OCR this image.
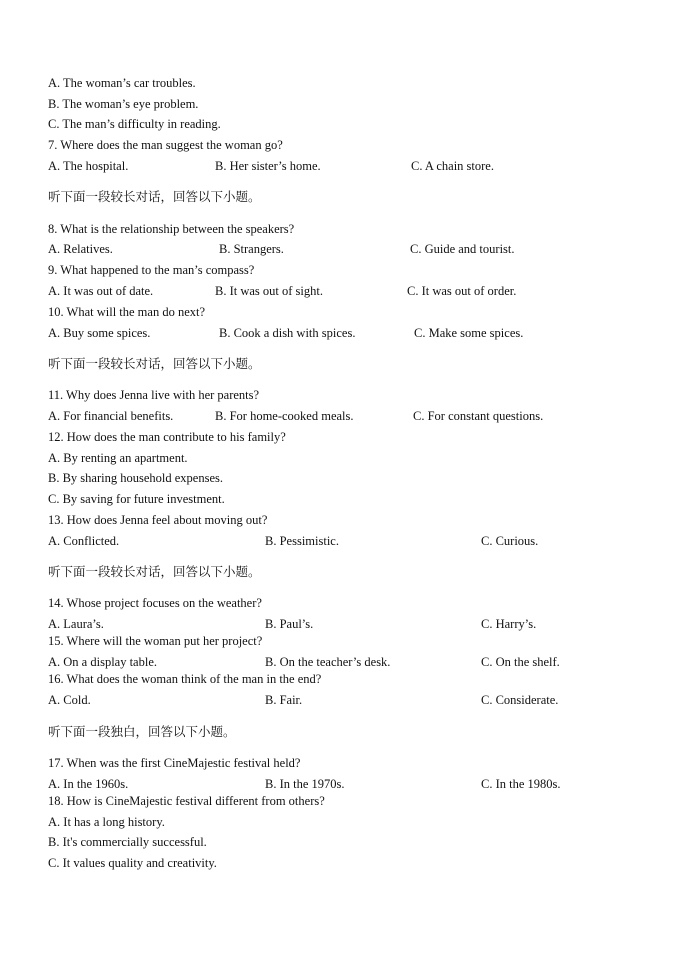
A. The woman’s car troubles.
B. The woman’s eye problem.
C. The man’s difficulty in reading.
7. Where does the man suggest the woman go?
A. The hospital.	B. Her sister’s home.	C. A chain store.
听下面一段较长对话，回答以下小题。
8. What is the relationship between the speakers?
A. Relatives.	B. Strangers.	C. Guide and tourist.
9. What happened to the man’s compass?
A. It was out of date.	B. It was out of sight.	C. It was out of order.
10. What will the man do next?
A. Buy some spices.	B. Cook a dish with spices.	C. Make some spices.
听下面一段较长对话，回答以下小题。
11. Why does Jenna live with her parents?
A. For financial benefits.	B. For home-cooked meals.	C. For constant questions.
12. How does the man contribute to his family?
A. By renting an apartment.
B. By sharing household expenses.
C. By saving for future investment.
13. How does Jenna feel about moving out?
A. Conflicted.	B. Pessimistic.	C. Curious.
听下面一段较长对话，回答以下小题。
14. Whose project focuses on the weather?
A. Laura’s.	B. Paul’s.	C. Harry’s.
15. Where will the woman put her project?
A. On a display table.	B. On the teacher’s desk.	C. On the shelf.
16. What does the woman think of the man in the end?
A. Cold.	B. Fair.	C. Considerate.
听下面一段独白，回答以下小题。
17. When was the first CineMajestic festival held?
A. In the 1960s.	B. In the 1970s.	C. In the 1980s.
18. How is CineMajestic festival different from others?
A. It has a long history.
B. It's commercially successful.
C. It values quality and creativity.
